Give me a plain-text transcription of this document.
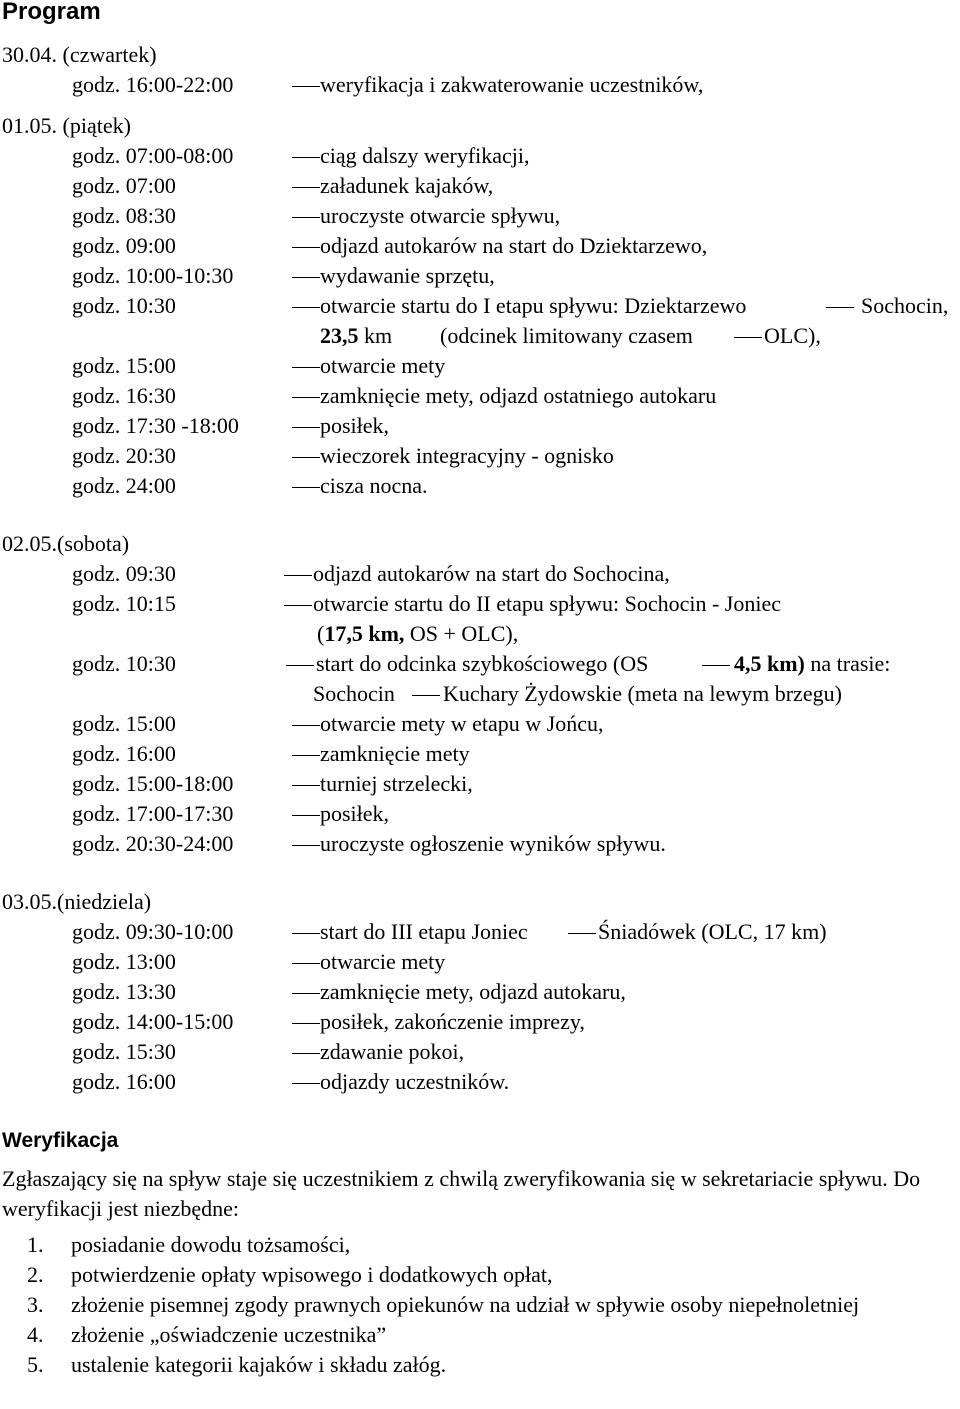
Program
30.04. (czwartek)
godz. 16:00-22:00	weryfikacja i zakwaterowanie uczestników,
01.05. (piątek)
godz. 07:00-08:00	ciąg dalszy weryfikacji,
godz. 07:00	załadunek kajaków,
godz. 08:30	uroczyste otwarcie spływu,
godz. 09:00	odjazd autokarów na start do Dziektarzewo,
godz. 10:00-10:30	wydawanie sprzętu,
godz. 10:30	otwarcie startu do I etapu spływu: Dziektarzewo	Sochocin,
23,5 km (odcinek limitowany czasem	OLC),
godz. 15:00	otwarcie mety
godz. 16:30	zamknięcie mety, odjazd ostatniego autokaru
godz. 17:30 -18:00	posiłek,
godz. 20:30	wieczorek integracyjny - ognisko
godz. 24:00	cisza nocna.
02.05.(sobota)
godz. 09:30	odjazd autokarów na start do Sochocina,
godz. 10:15	otwarcie startu do II etapu spływu: Sochocin - Joniec
(17,5 km, OS + OLC),
godz. 10:30	start do odcinka szybkościowego (OS	4,5 km) na trasie:
Sochocin Kuchary Żydowskie (meta na lewym brzegu)
godz. 15:00	otwarcie mety w etapu w Jońcu,
godz. 16:00	zamknięcie mety
godz. 15:00-18:00	turniej strzelecki,
godz. 17:00-17:30	posiłek,
godz. 20:30-24:00	uroczyste ogłoszenie wyników spływu.
03.05.(niedziela)
godz. 09:30-10:00	start do III etapu Joniec	Śniadówek (OLC, 17 km)
godz. 13:00	otwarcie mety
godz. 13:30	zamknięcie mety, odjazd autokaru,
godz. 14:00-15:00	posiłek, zakończenie imprezy,
godz. 15:30	zdawanie pokoi,
godz. 16:00	odjazdy uczestników.
Weryfikacja

Zgłaszający się na spływ staje się uczestnikiem z chwilą zweryfikowania się w sekretariacie spływu. Do weryfikacji jest niezbędne:

1. posiadanie dowodu tożsamości,
2. potwierdzenie opłaty wpisowego i dodatkowych opłat,
3. złożenie pisemnej zgody prawnych opiekunów na udział w spływie osoby niepełnoletniej
4. złożenie „oświadczenie uczestnika”
5. ustalenie kategorii kajaków i składu załóg.
